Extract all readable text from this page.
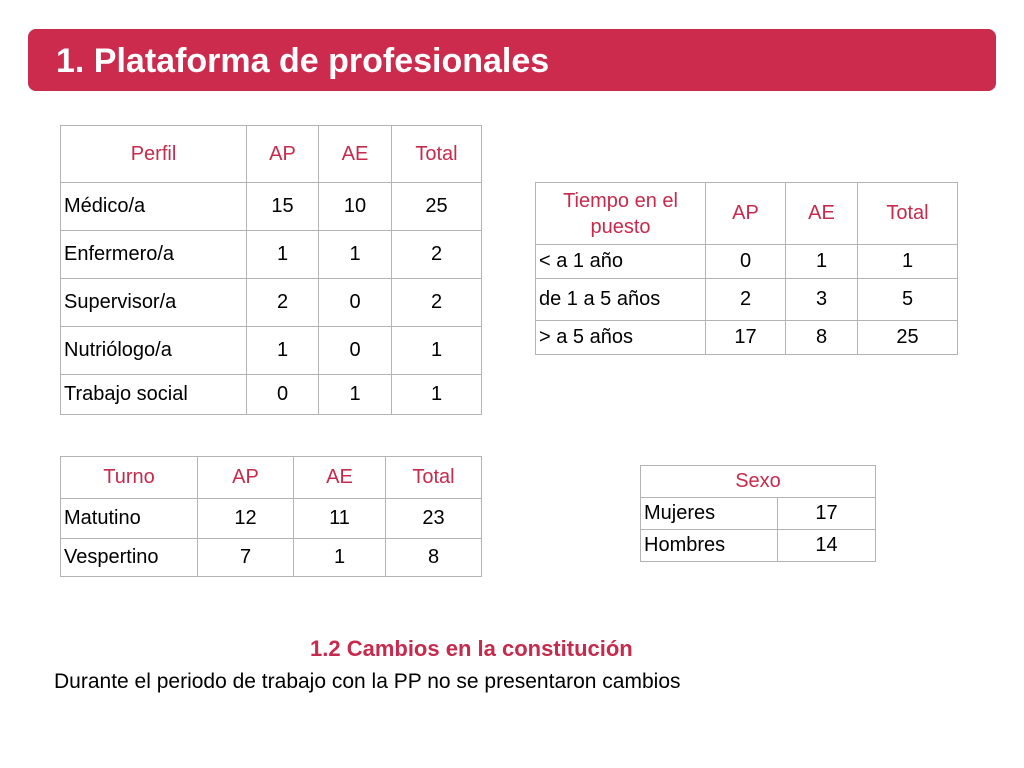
1. Plataforma de profesionales
Perfil	AP	AE	Total
Médico/a	15	10	25
Enfermero/a	1	1	2
Supervisor/a	2	0	2
Nutriólogo/a	1	0	1
Trabajo social	0	1	1
Tiempo en el puesto	AP	AE	Total
< a 1 año	0	1	1
de 1 a 5 años	2	3	5
> a 5 años	17	8	25
Turno	AP	AE	Total
Matutino	12	11	23
Vespertino	7	1	8
Sexo	
Mujeres	17
Hombres	14
1.2 Cambios en la constitución
Durante el periodo de trabajo con la PP no se presentaron cambios
